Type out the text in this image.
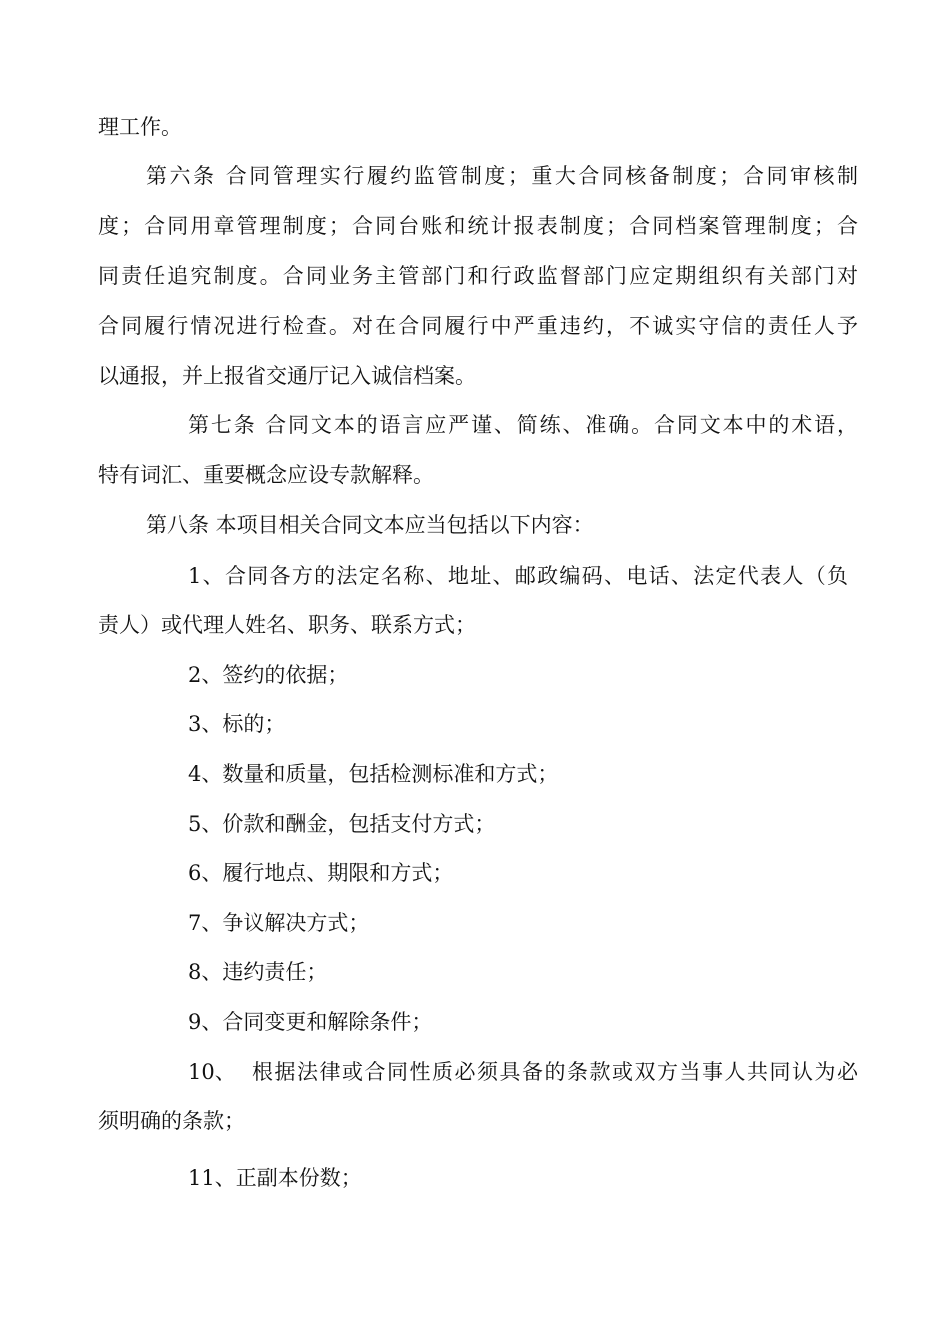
理工作。
第六条 合同管理实行履约监管制度；重大合同核备制度；合同审核制
度；合同用章管理制度；合同台账和统计报表制度；合同档案管理制度；合
同责任追究制度。合同业务主管部门和行政监督部门应定期组织有关部门对
合同履行情况进行检查。对在合同履行中严重违约，不诚实守信的责任人予
以通报，并上报省交通厅记入诚信档案。
第七条 合同文本的语言应严谨、简练、准确。合同文本中的术语，
特有词汇、重要概念应设专款解释。
第八条 本项目相关合同文本应当包括以下内容：
1、合同各方的法定名称、地址、邮政编码、电话、法定代表人（负
责人）或代理人姓名、职务、联系方式；
2、签约的依据；
3、标的；
4、数量和质量，包括检测标准和方式；
5、价款和酬金，包括支付方式；
6、履行地点、期限和方式；
7、争议解决方式；
8、违约责任；
9、合同变更和解除条件；
10、 根据法律或合同性质必须具备的条款或双方当事人共同认为必
须明确的条款；
11、正副本份数；
